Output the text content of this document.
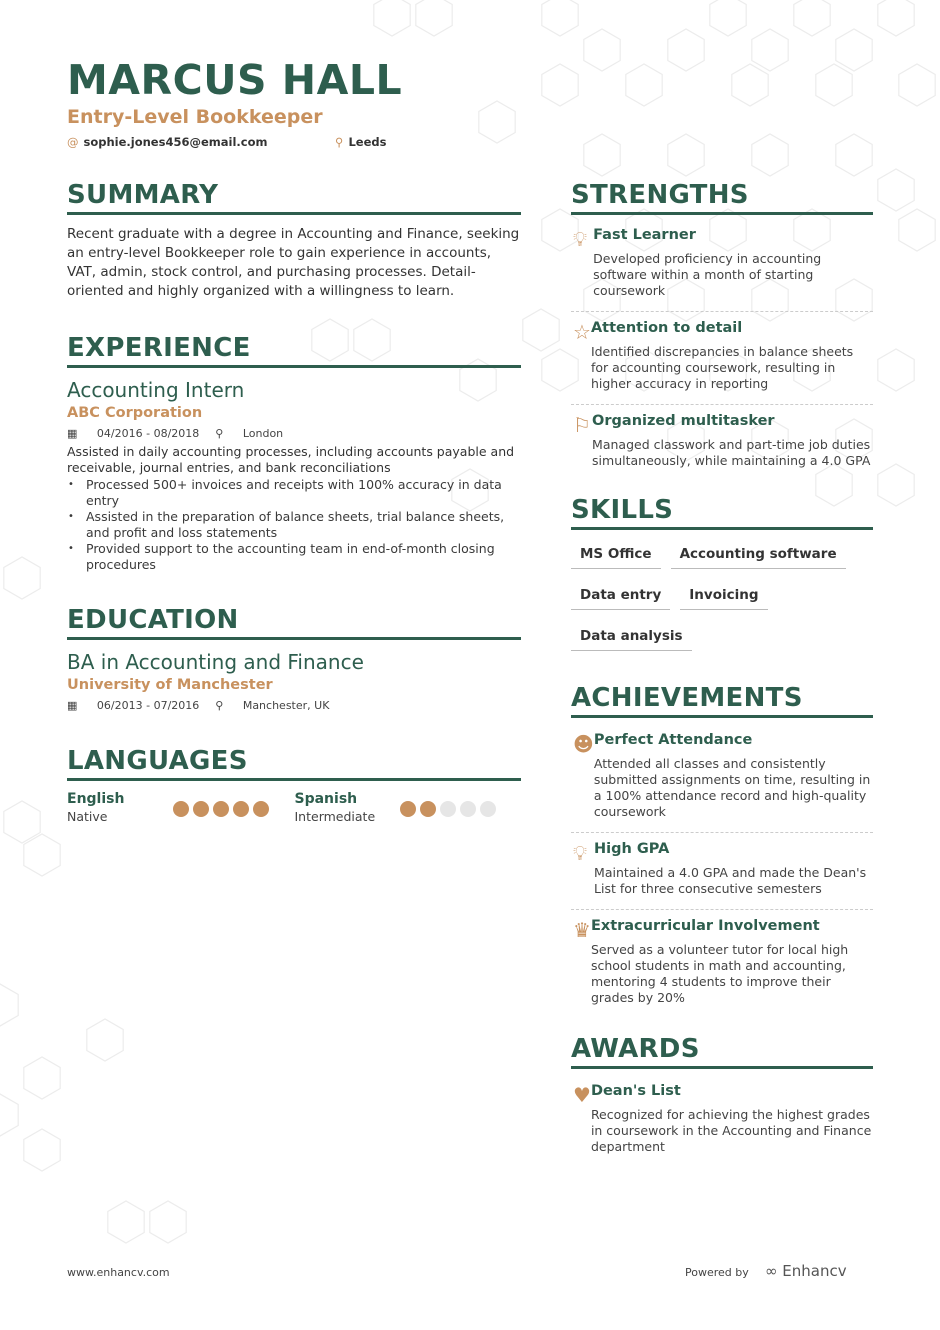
MARCUS HALL
Entry-Level Bookkeeper
@ sophie.jones456@email.com	⚲ Leeds
SUMMARY
Recent graduate with a degree in Accounting and Finance, seeking an entry-level Bookkeeper role to gain experience in accounts, VAT, admin, stock control, and purchasing processes. Detail-oriented and highly organized with a willingness to learn.
EXPERIENCE
Accounting Intern
ABC Corporation
▦ 04/2016 - 08/2018 ⚲ London
Assisted in daily accounting processes, including accounts payable and receivable, journal entries, and bank reconciliations
• Processed 500+ invoices and receipts with 100% accuracy in data entry
• Assisted in the preparation of balance sheets, trial balance sheets, and profit and loss statements
• Provided support to the accounting team in end-of-month closing procedures
EDUCATION
BA in Accounting and Finance
University of Manchester
▦ 06/2013 - 07/2016 ⚲ Manchester, UK
LANGUAGES
English
Native
Spanish
Intermediate
STRENGTHS
💡︎ Fast Learner
Developed proficiency in accounting software within a month of starting coursework
☆ Attention to detail
Identified discrepancies in balance sheets for accounting coursework, resulting in higher accuracy in reporting
⚐ Organized multitasker
Managed classwork and part-time job duties simultaneously, while maintaining a 4.0 GPA
SKILLS
MS Office	Accounting software
Data entry	Invoicing
Data analysis
ACHIEVEMENTS
☻ Perfect Attendance
Attended all classes and consistently submitted assignments on time, resulting in a 100% attendance record and high-quality coursework
💡︎ High GPA
Maintained a 4.0 GPA and made the Dean's List for three consecutive semesters
♛ Extracurricular Involvement
Served as a volunteer tutor for local high school students in math and accounting, mentoring 4 students to improve their grades by 20%
AWARDS
♥ Dean's List
Recognized for achieving the highest grades in coursework in the Accounting and Finance department
www.enhancv.com	Powered by ∞ Enhancv
